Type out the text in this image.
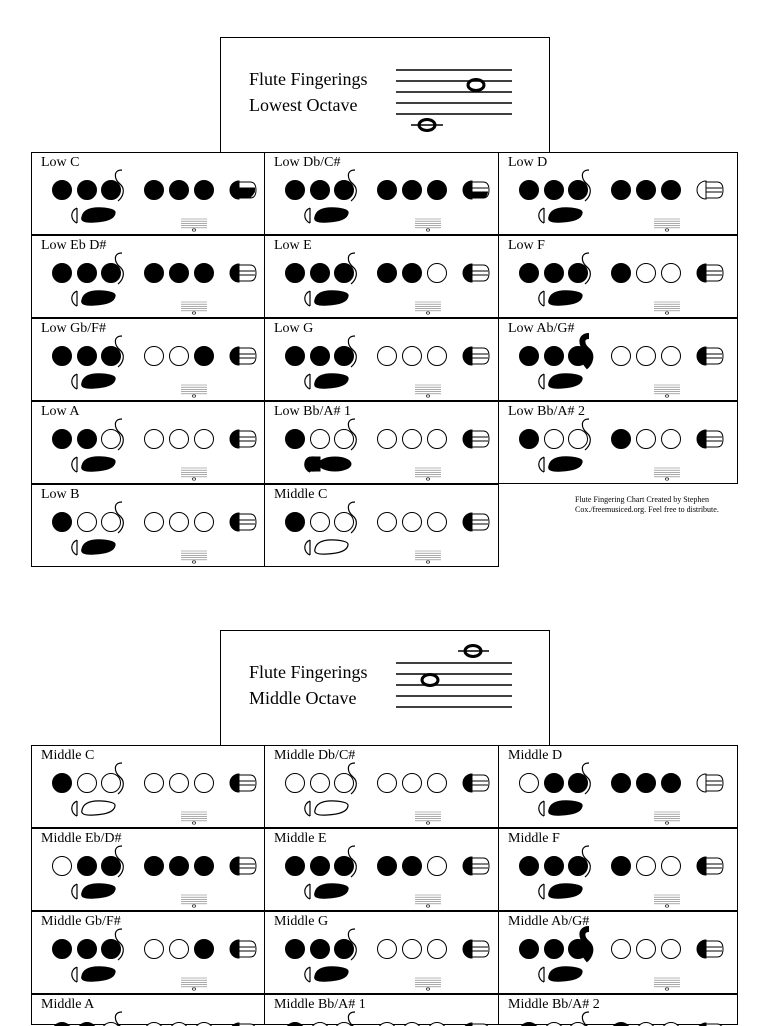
Flute Fingerings
Lowest Octave
Low C	Low Db/C#	Low D
Low Eb D#	Low E	Low F
Low Gb/F#	Low G	Low Ab/G#
Low A	Low Bb/A# 1	Low Bb/A# 2
Low B	Middle C
Flute Fingerings
Middle Octave
Middle C	Middle Db/C#	Middle D
Middle Eb/D#	Middle E	Middle F
Middle Gb/F#	Middle G	Middle Ab/G#
Middle A	Middle Bb/A# 1	Middle Bb/A# 2
Flute Fingering Chart Created by Stephen Cox./freemusiced.org. Feel free to distribute.
